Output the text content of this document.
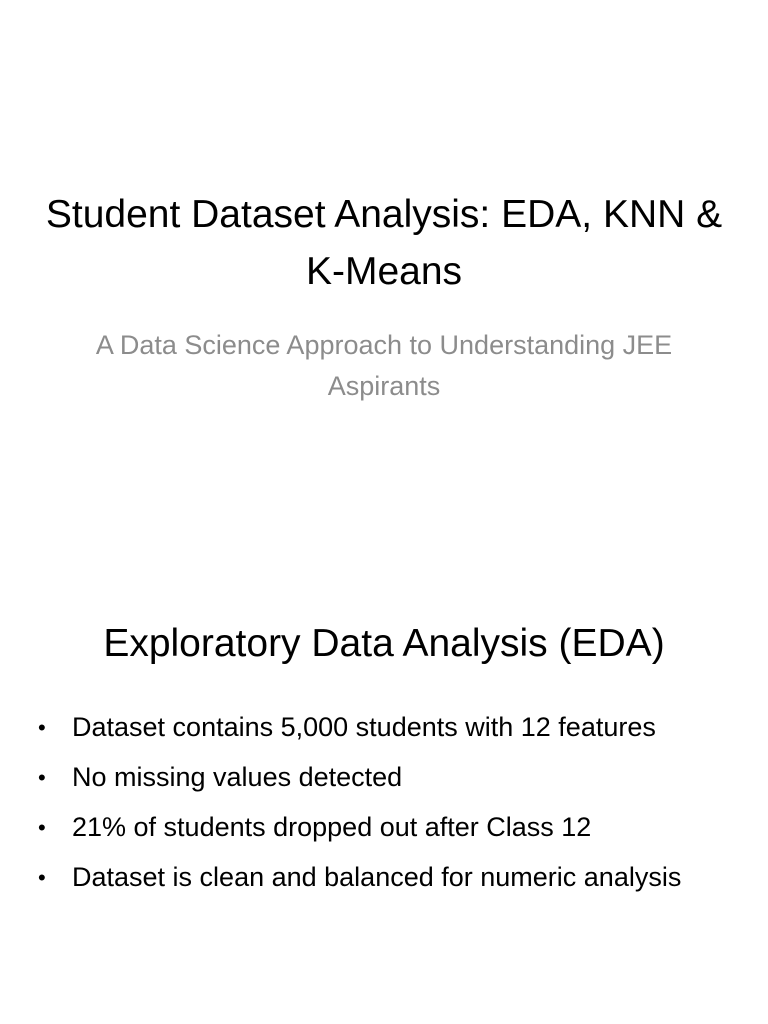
Student Dataset Analysis: EDA, KNN & K-Means
A Data Science Approach to Understanding JEE Aspirants
Exploratory Data Analysis (EDA)
• Dataset contains 5,000 students with 12 features
• No missing values detected
• 21% of students dropped out after Class 12
• Dataset is clean and balanced for numeric analysis
